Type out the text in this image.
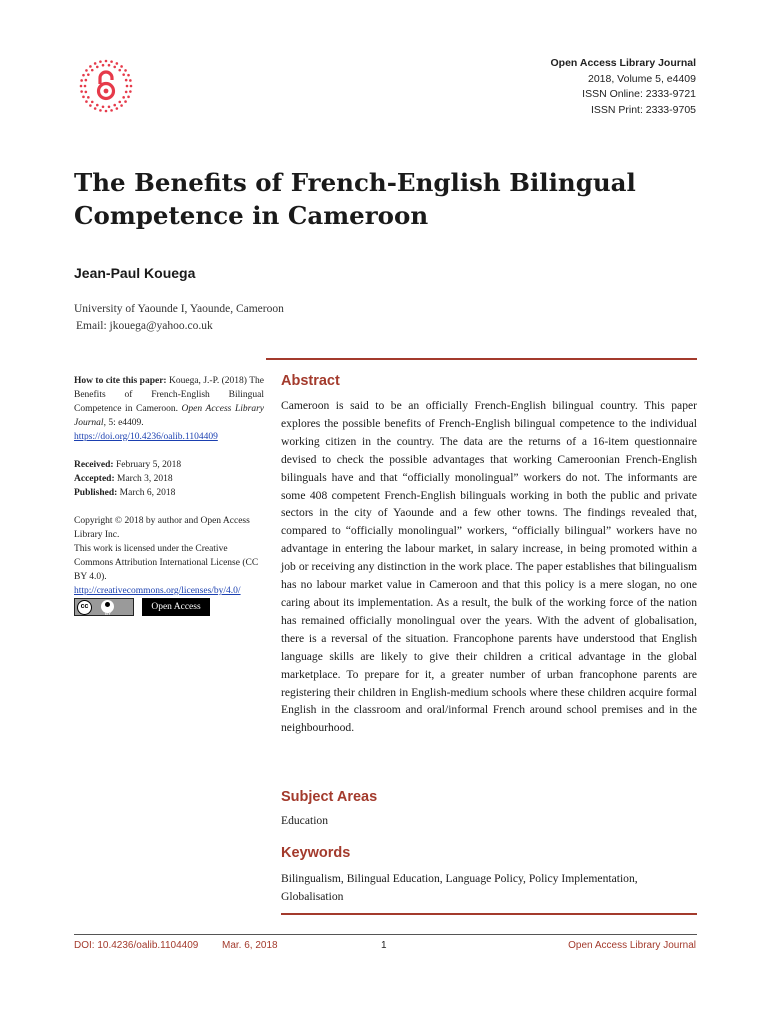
Open Access Library Journal
2018, Volume 5, e4409
ISSN Online: 2333-9721
ISSN Print: 2333-9705
The Benefits of French-English Bilingual
Competence in Cameroon
Jean-Paul Kouega
University of Yaounde I, Yaounde, Cameroon
Email: jkouega@yahoo.co.uk
How to cite this paper: Kouega, J.-P. (2018) The Benefits of French-English Bilingual Competence in Cameroon. Open Access Library Journal, 5: e4409.
https://doi.org/10.4236/oalib.1104409
Received: February 5, 2018
Accepted: March 3, 2018
Published: March 6, 2018
Copyright © 2018 by author and Open Access Library Inc.
This work is licensed under the Creative Commons Attribution International License (CC BY 4.0).
http://creativecommons.org/licenses/by/4.0/
cc
BY
Open Access
Abstract
Cameroon is said to be an officially French-English bilingual country. This paper explores the possible benefits of French-English bilingual competence to the individual working citizen in the country. The data are the returns of a 16-item questionnaire devised to check the possible advantages that working Cameroonian French-English bilinguals have and that “officially monolingual” workers do not. The informants are some 408 competent French-English bilinguals working in both the public and private sectors in the city of Yaounde and a few other towns. The findings revealed that, compared to “officially monolingual” workers, “officially bilingual” workers have no advantage in entering the labour market, in salary increase, in being promoted within a job or receiving any distinction in the work place. The paper establishes that bilingualism has no labour market value in Cameroon and that this policy is a mere slogan, no one caring about its implementation. As a result, the bulk of the working force of the nation has remained officially monolingual over the years. With the advent of globalisation, there is a reversal of the situation. Francophone parents have understood that English language skills are likely to give their children a critical advantage in the global marketplace. To prepare for it, a greater number of urban francophone parents are registering their children in English-medium schools where these children acquire formal English in the classroom and oral/informal French around school premises and in the neighbourhood.
Subject Areas
Education
Keywords
Bilingualism, Bilingual Education, Language Policy, Policy Implementation, Globalisation
DOI: 10.4236/oalib.1104409 Mar. 6, 2018	1	Open Access Library Journal
